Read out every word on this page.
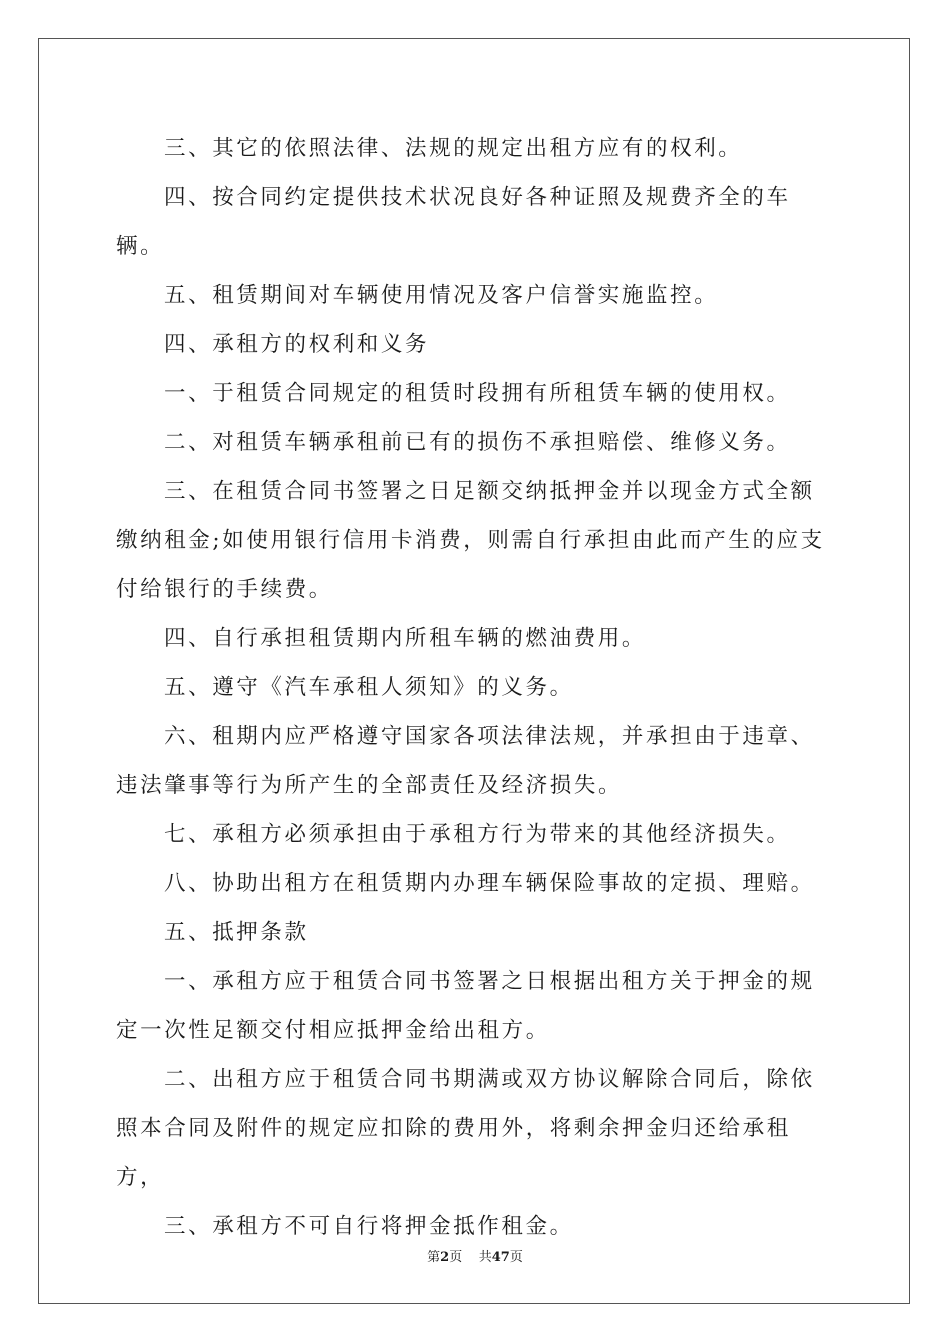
三、其它的依照法律、法规的规定出租方应有的权利。

四、按合同约定提供技术状况良好各种证照及规费齐全的车辆。

五、租赁期间对车辆使用情况及客户信誉实施监控。

四、承租方的权利和义务

一、于租赁合同规定的租赁时段拥有所租赁车辆的使用权。

二、对租赁车辆承租前已有的损伤不承担赔偿、维修义务。

三、在租赁合同书签署之日足额交纳抵押金并以现金方式全额缴纳租金;如使用银行信用卡消费，则需自行承担由此而产生的应支付给银行的手续费。

四、自行承担租赁期内所租车辆的燃油费用。

五、遵守《汽车承租人须知》的义务。

六、租期内应严格遵守国家各项法律法规，并承担由于违章、违法肇事等行为所产生的全部责任及经济损失。

七、承租方必须承担由于承租方行为带来的其他经济损失。

八、协助出租方在租赁期内办理车辆保险事故的定损、理赔。

五、抵押条款

一、承租方应于租赁合同书签署之日根据出租方关于押金的规定一次性足额交付相应抵押金给出租方。

二、出租方应于租赁合同书期满或双方协议解除合同后，除依照本合同及附件的规定应扣除的费用外，将剩余押金归还给承租方，

三、承租方不可自行将押金抵作租金。

第2页 共47页
